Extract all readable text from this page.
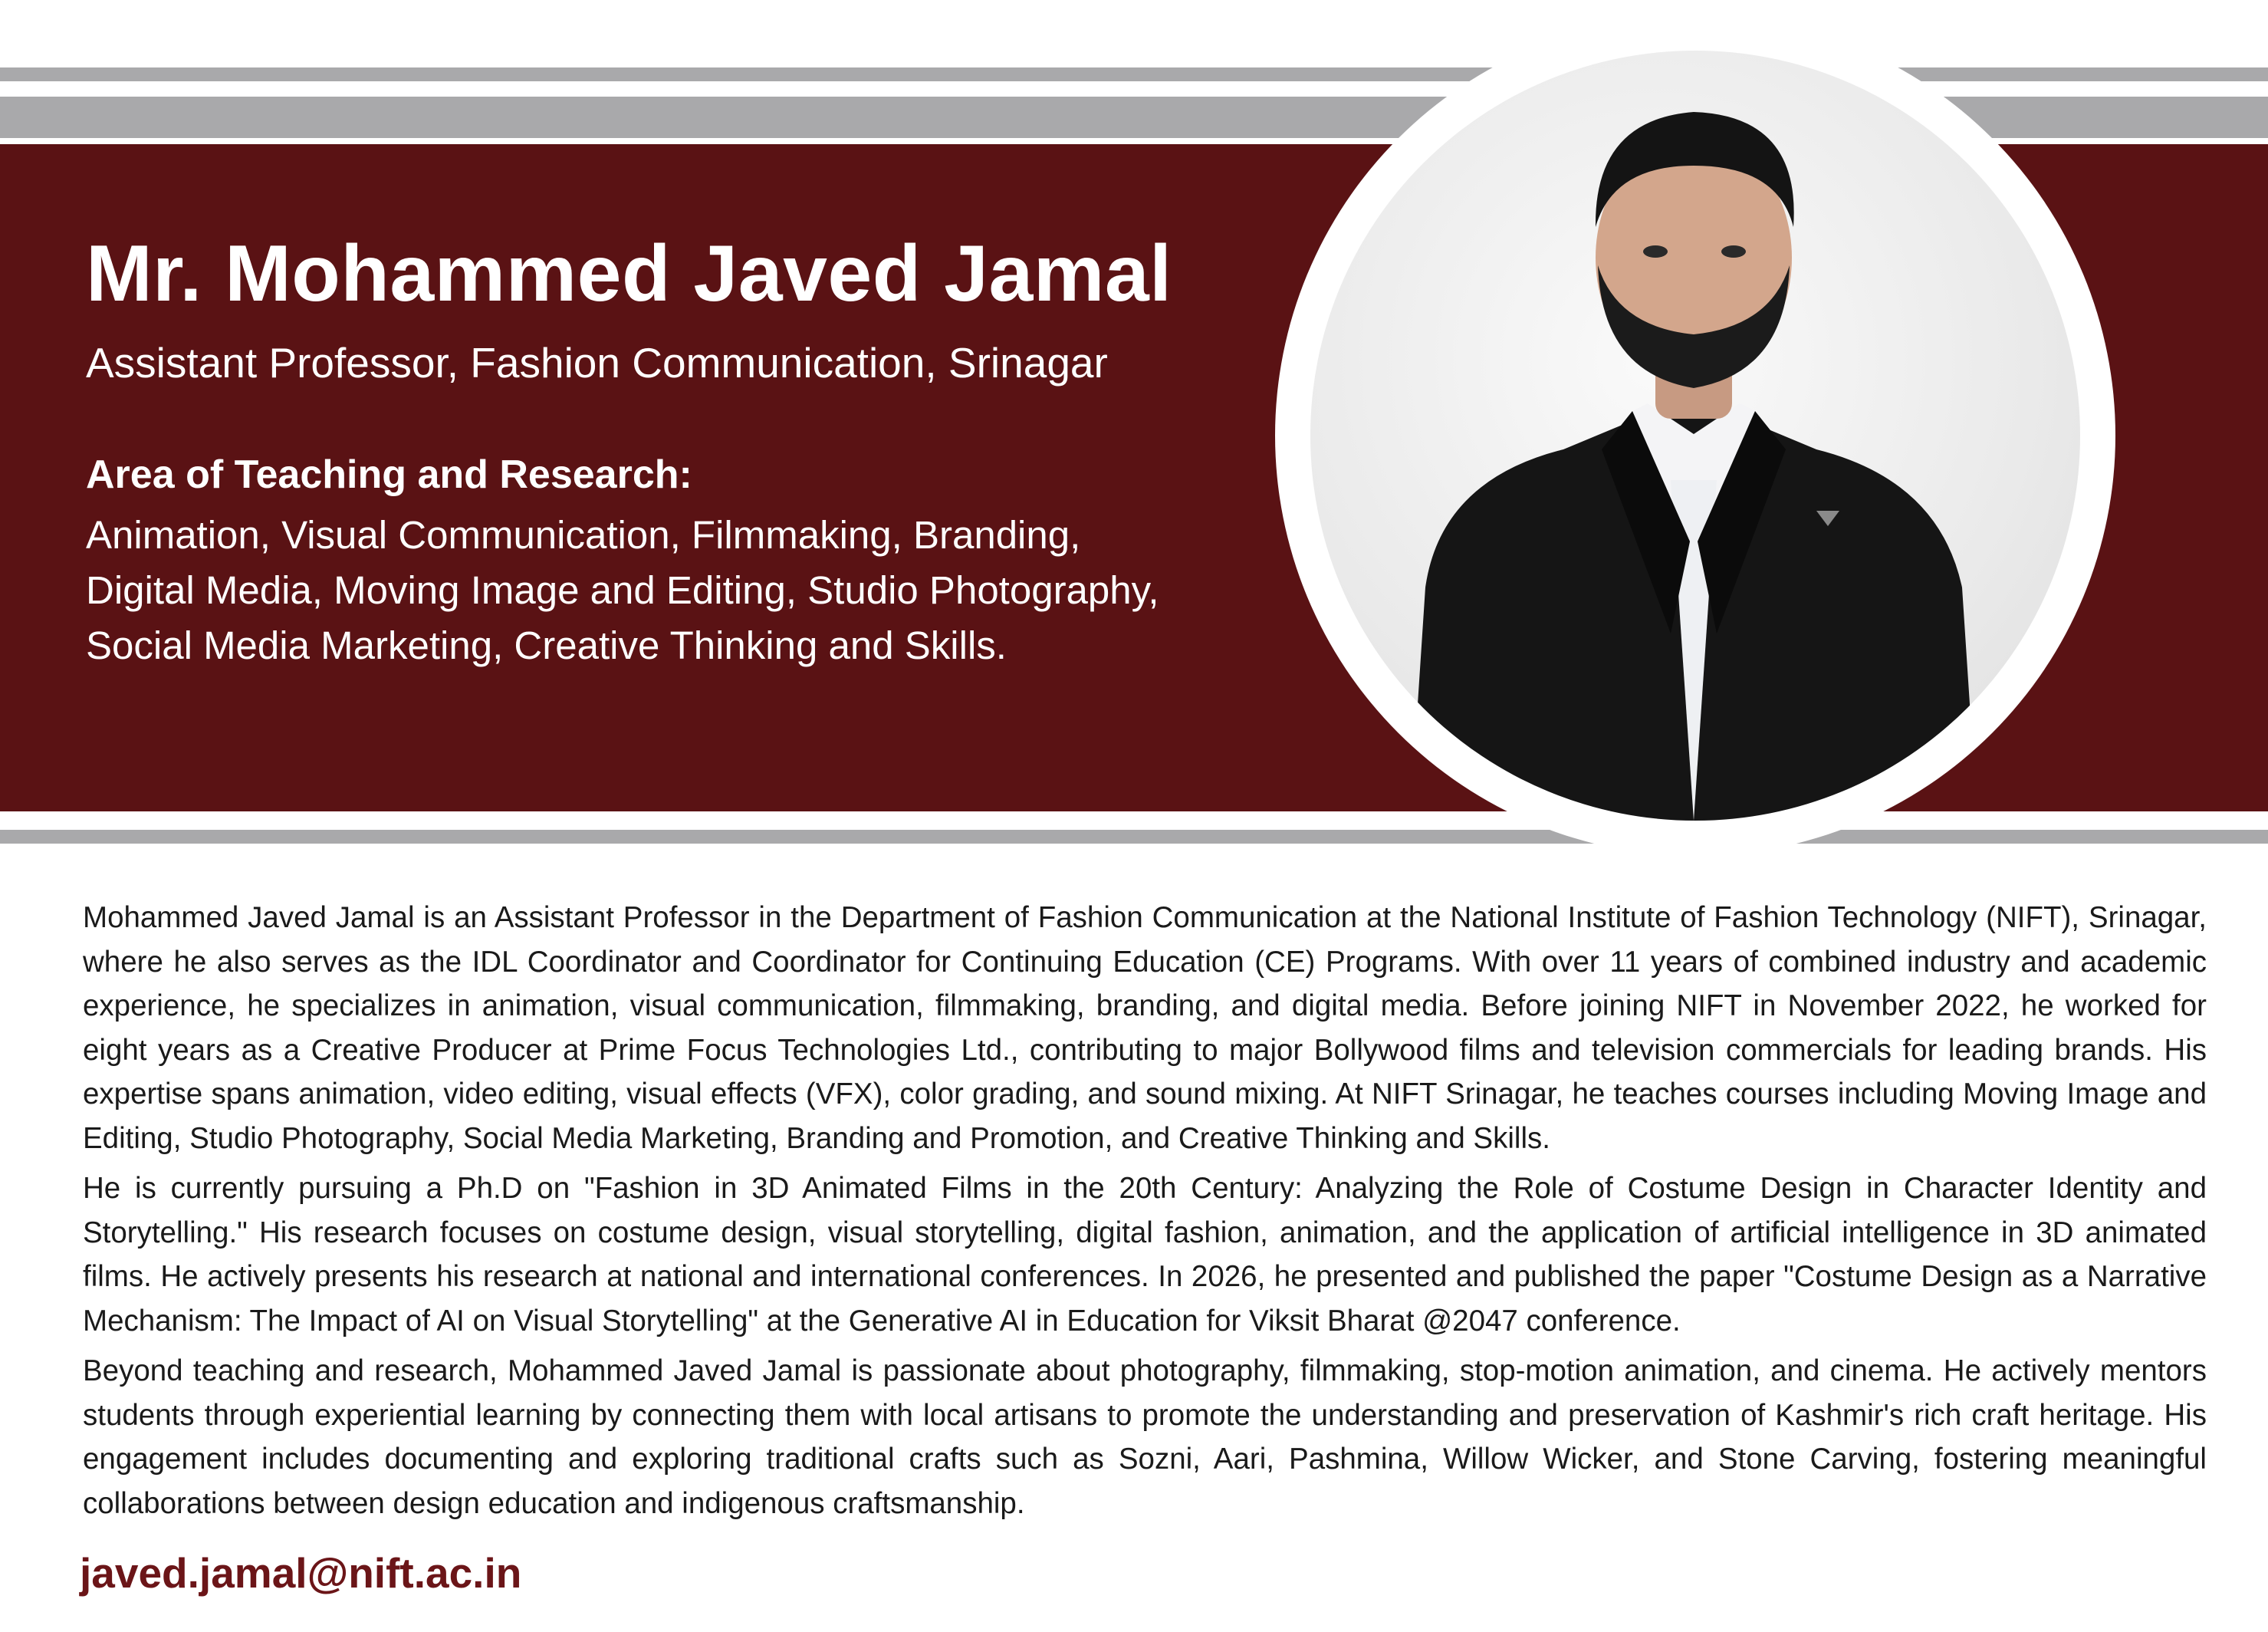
Mr. Mohammed Javed Jamal
Assistant Professor, Fashion Communication, Srinagar
Area of Teaching and Research:
Animation, Visual Communication, Filmmaking, Branding,
Digital Media, Moving Image and Editing, Studio Photography,
Social Media Marketing, Creative Thinking and Skills.

Mohammed Javed Jamal is an Assistant Professor in the Department of Fashion Communication at the National Institute of Fashion Technology (NIFT), Srinagar, where he also serves as the IDL Coordinator and Coordinator for Continuing Education (CE) Programs. With over 11 years of combined industry and academic experience, he specializes in animation, visual communication, filmmaking, branding, and digital media. Before joining NIFT in November 2022, he worked for eight years as a Creative Producer at Prime Focus Technologies Ltd., contributing to major Bollywood films and television commercials for leading brands. His expertise spans animation, video editing, visual effects (VFX), color grading, and sound mixing. At NIFT Srinagar, he teaches courses including Moving Image and Editing, Studio Photography, Social Media Marketing, Branding and Promotion, and Creative Thinking and Skills.

He is currently pursuing a Ph.D on "Fashion in 3D Animated Films in the 20th Century: Analyzing the Role of Costume Design in Character Identity and Storytelling." His research focuses on costume design, visual storytelling, digital fashion, animation, and the application of artificial intelligence in 3D animated films. He actively presents his research at national and international conferences. In 2026, he presented and published the paper "Costume Design as a Narrative Mechanism: The Impact of AI on Visual Storytelling" at the Generative AI in Education for Viksit Bharat @2047 conference.

Beyond teaching and research, Mohammed Javed Jamal is passionate about photography, filmmaking, stop-motion animation, and cinema. He actively mentors students through experiential learning by connecting them with local artisans to promote the understanding and preservation of Kashmir's rich craft heritage. His engagement includes documenting and exploring traditional crafts such as Sozni, Aari, Pashmina, Willow Wicker, and Stone Carving, fostering meaningful collaborations between design education and indigenous craftsmanship.

javed.jamal@nift.ac.in
